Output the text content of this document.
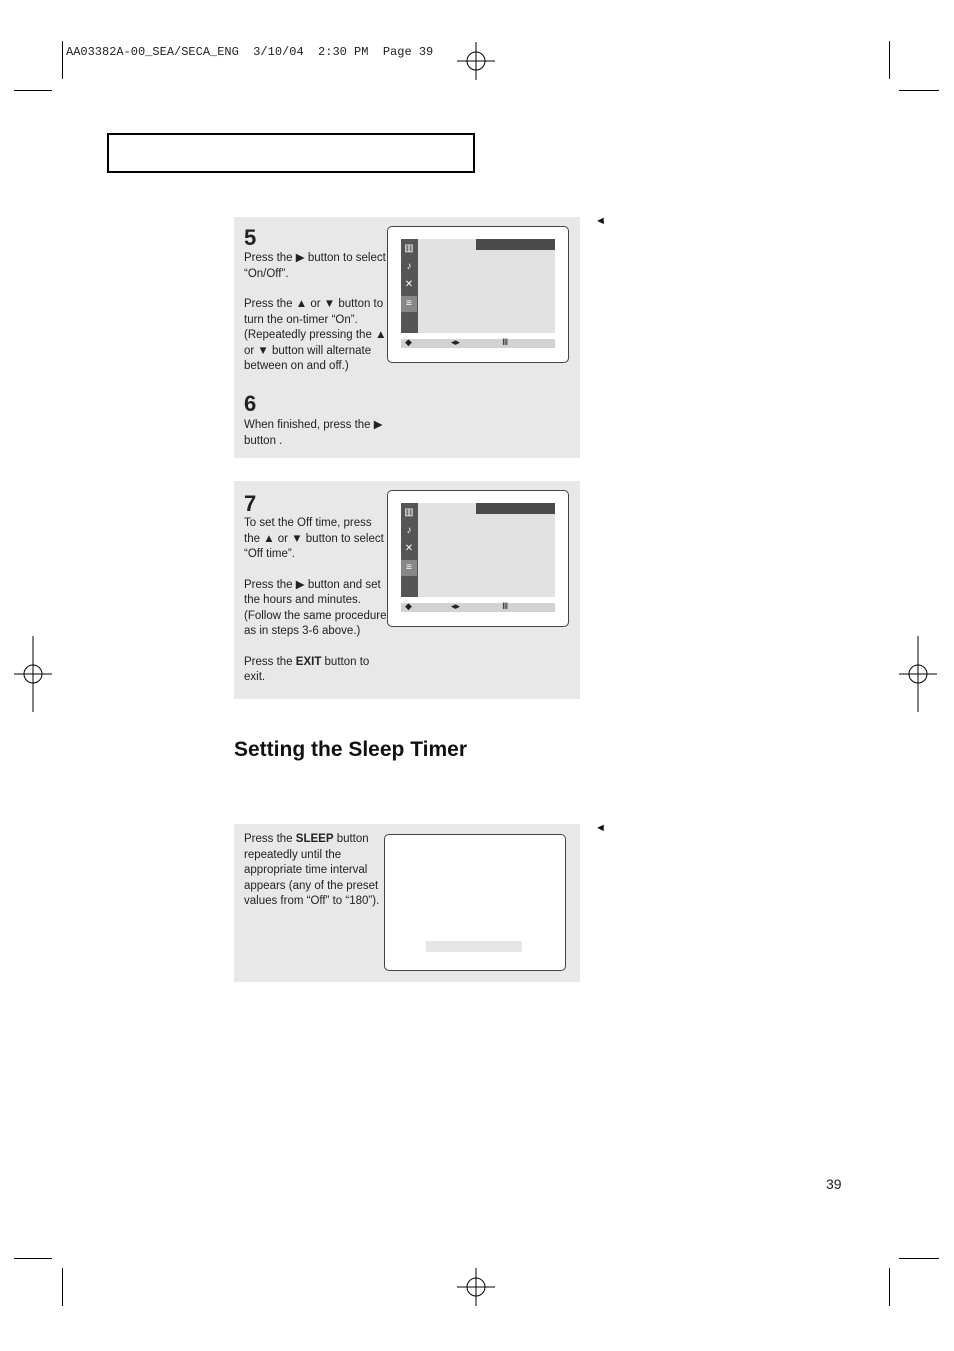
AA03382A-00_SEA/SECA_ENG  3/10/04  2:30 PM  Page 39
5

Press the ▶ button to select “On/Off”.

Press the ▲ or ▼ button to turn the on-timer “On”. (Repeatedly pressing the ▲ or ▼ button will alternate between on and off.)

6

When finished, press the ▶ button .

▥
♪
✕
≡
◆	◂▸	Ⅲ
◄
7

To set the Off time, press the ▲ or ▼ button to select “Off time”.

Press the ▶ button and set the hours and minutes. (Follow the same procedure as in steps 3-6 above.)

Press the EXIT button to exit.

▥
♪
✕
≡
◆	◂▸	Ⅲ
Setting the Sleep Timer
◄

Press the SLEEP button repeatedly until the appropriate time interval appears (any of the preset values from “Off” to “180”).

39
